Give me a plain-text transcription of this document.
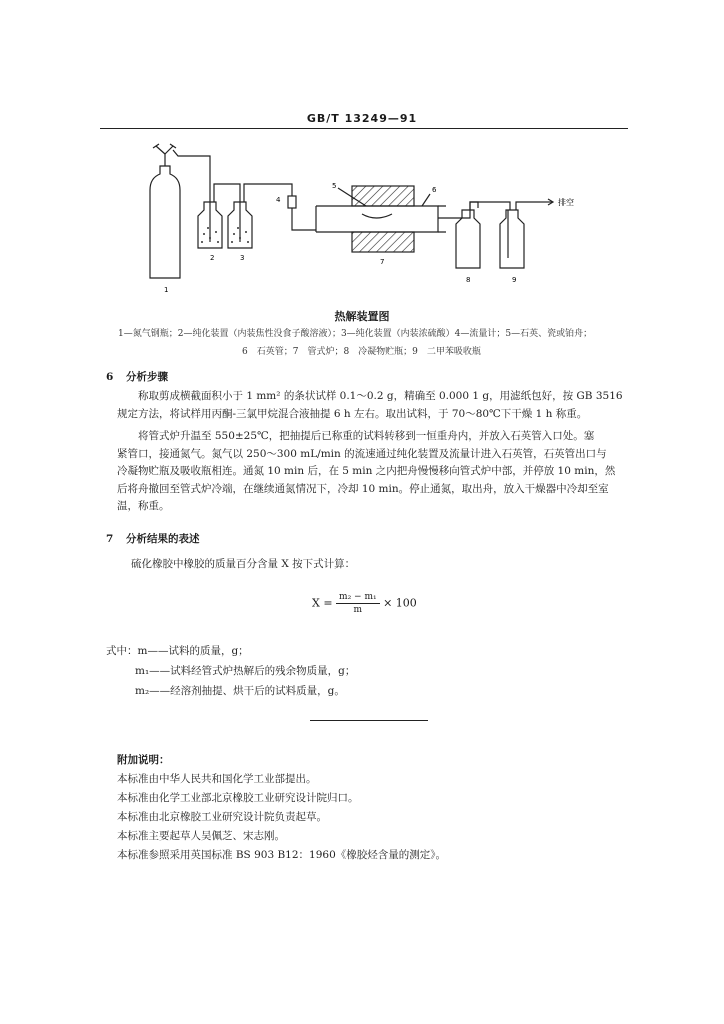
GB/T 13249—91
1
2	3
4
5	6
7
8	9
排空
热解装置图
1—氮气钢瓶；2—纯化装置（内装焦性没食子酸溶液）；3—纯化装置（内装浓硫酸）4—流量计；5—石英、瓷或铂舟；
6　石英管；7　管式炉；8　冷凝物贮瓶；9　二甲苯吸收瓶
6 分析步骤
称取剪成横截面积小于 1 mm² 的条状试样 0.1～0.2 g，精确至 0.000 1 g，用滤纸包好，按 GB 3516
规定方法，将试样用丙酮-三氯甲烷混合液抽提 6 h 左右。取出试料，于 70～80℃下干燥 1 h 称重。
将管式炉升温至 550±25℃，把抽提后已称重的试料转移到一恒重舟内，并放入石英管入口处。塞
紧管口，接通氮气。氮气以 250～300 mL/min 的流速通过纯化装置及流量计进入石英管，石英管出口与
冷凝物贮瓶及吸收瓶相连。通氮 10 min 后，在 5 min 之内把舟慢慢移向管式炉中部，并停放 10 min，然
后将舟撤回至管式炉冷端，在继续通氮情况下，冷却 10 min。停止通氮，取出舟，放入干燥器中冷却至室
温，称重。
7 分析结果的表述
硫化橡胶中橡胶的质量百分含量 X 按下式计算：
$X = \frac{\text{m₂ − m₁}}{m} \times 100$
式中：m——试料的质量，g；
m₁——试料经管式炉热解后的残余物质量，g；
m₂——经溶剂抽提、烘干后的试料质量，g。
附加说明：
本标准由中华人民共和国化学工业部提出。
本标准由化学工业部北京橡胶工业研究设计院归口。
本标准由北京橡胶工业研究设计院负责起草。
本标准主要起草人吴佩芝、宋志刚。
本标准参照采用英国标准 BS 903 B12：1960《橡胶烃含量的测定》。
